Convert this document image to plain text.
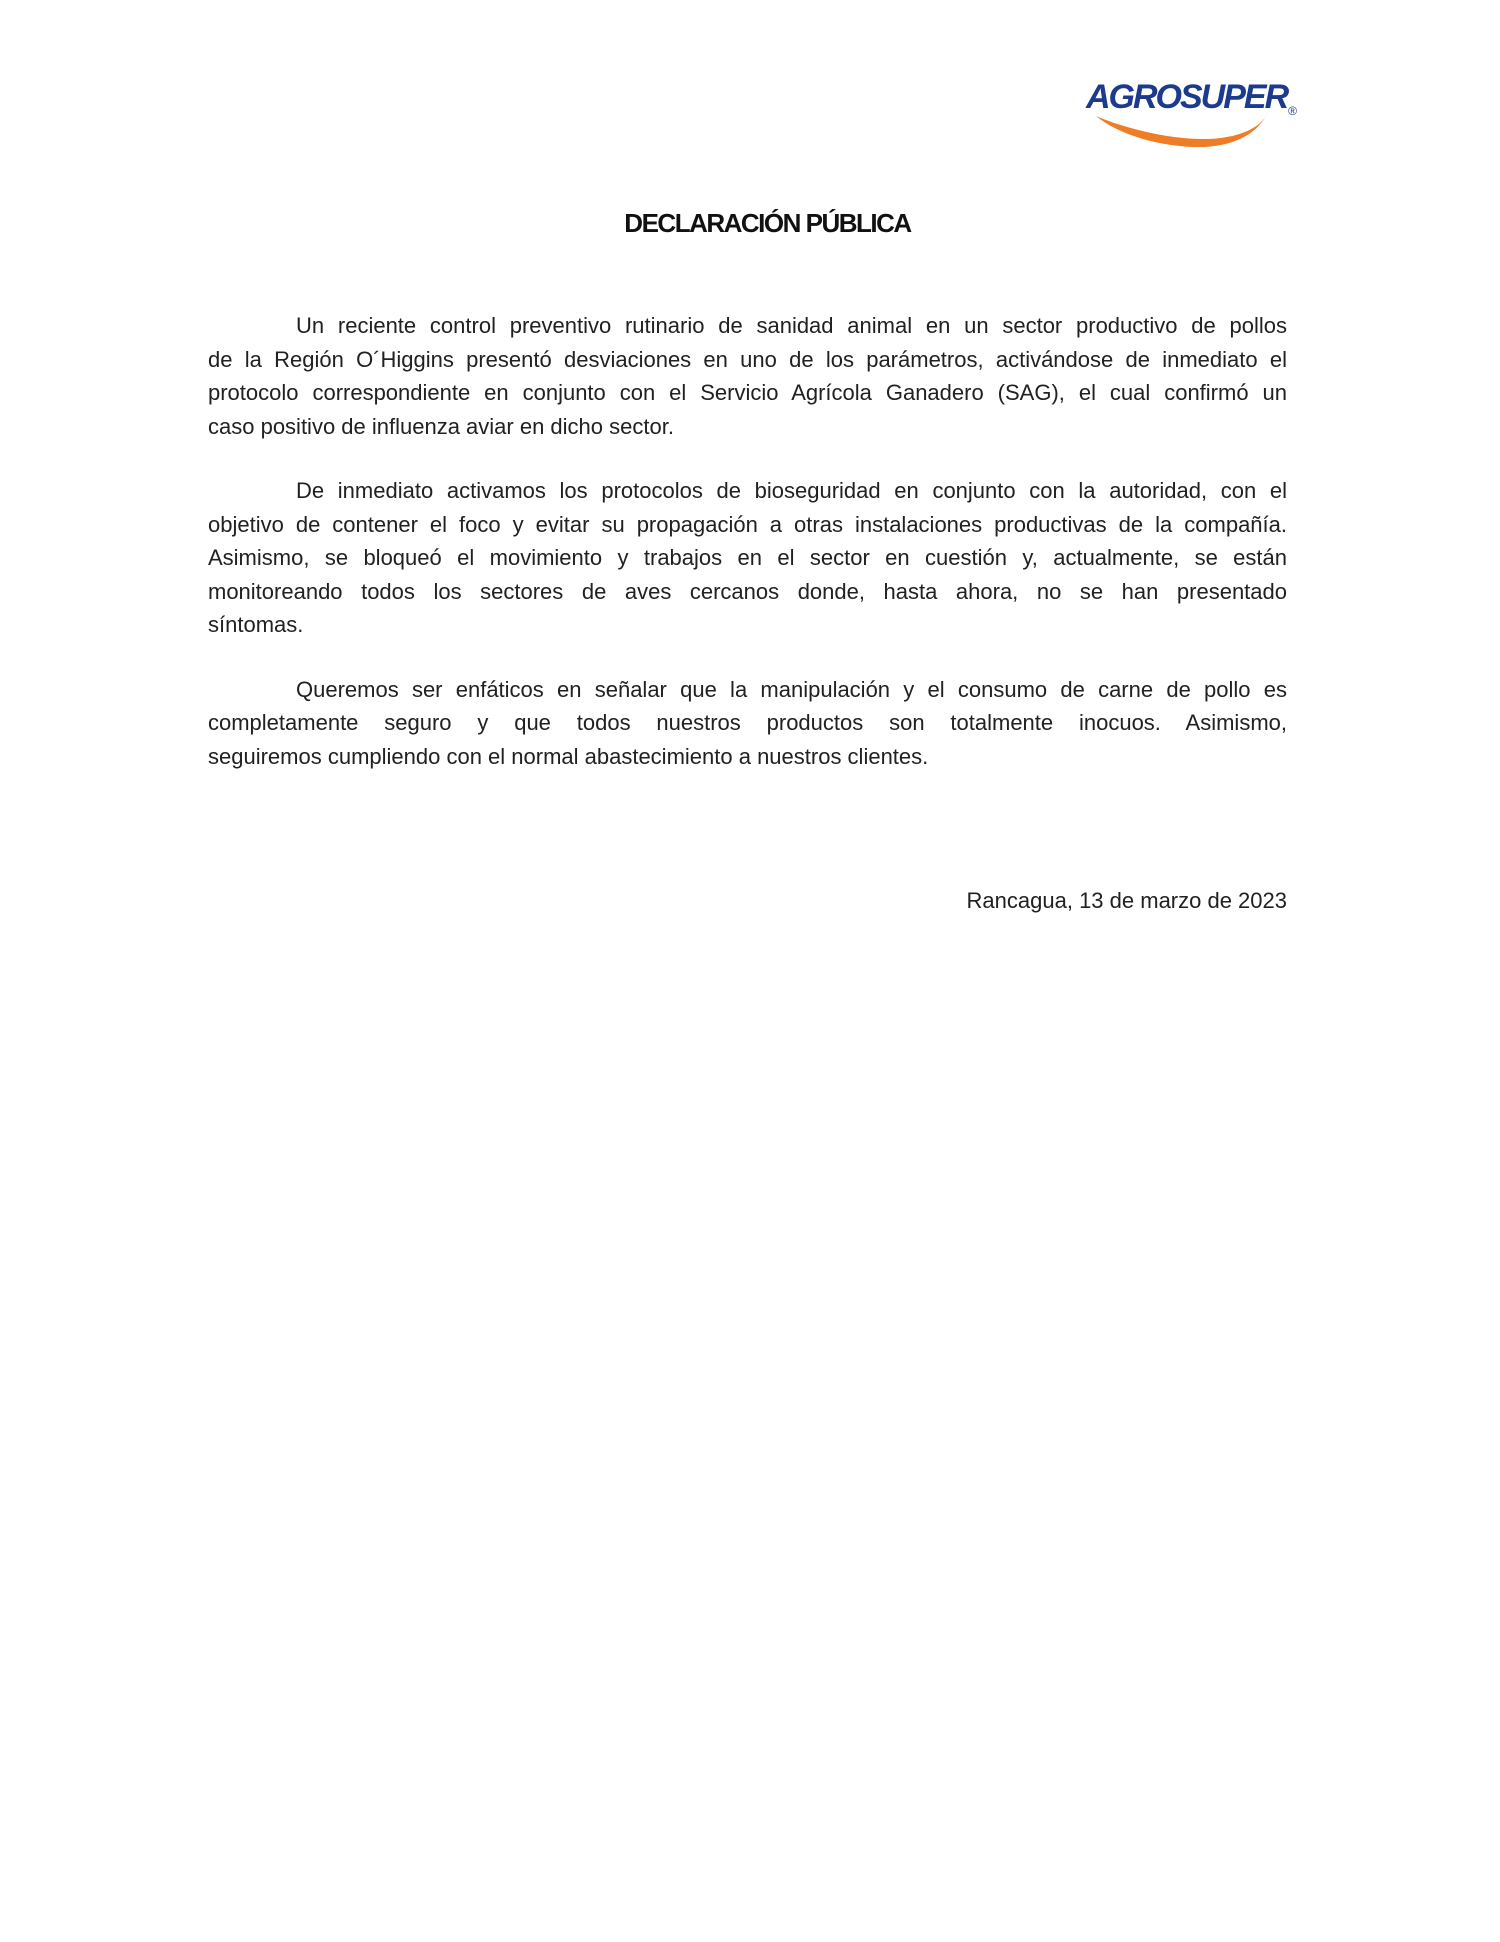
AGROSUPER ®
DECLARACIÓN PÚBLICA
Un reciente control preventivo rutinario de sanidad animal en un sector productivo de pollos
de la Región O´Higgins presentó desviaciones en uno de los parámetros, activándose de inmediato el
protocolo correspondiente en conjunto con el Servicio Agrícola Ganadero (SAG), el cual confirmó un
caso positivo de influenza aviar en dicho sector.
De inmediato activamos los protocolos de bioseguridad en conjunto con la autoridad, con el
objetivo de contener el foco y evitar su propagación a otras instalaciones productivas de la compañía.
Asimismo, se bloqueó el movimiento y trabajos en el sector en cuestión y, actualmente, se están
monitoreando todos los sectores de aves cercanos donde, hasta ahora, no se han presentado
síntomas.
Queremos ser enfáticos en señalar que la manipulación y el consumo de carne de pollo es
completamente seguro y que todos nuestros productos son totalmente inocuos. Asimismo,
seguiremos cumpliendo con el normal abastecimiento a nuestros clientes.
Rancagua, 13 de marzo de 2023
